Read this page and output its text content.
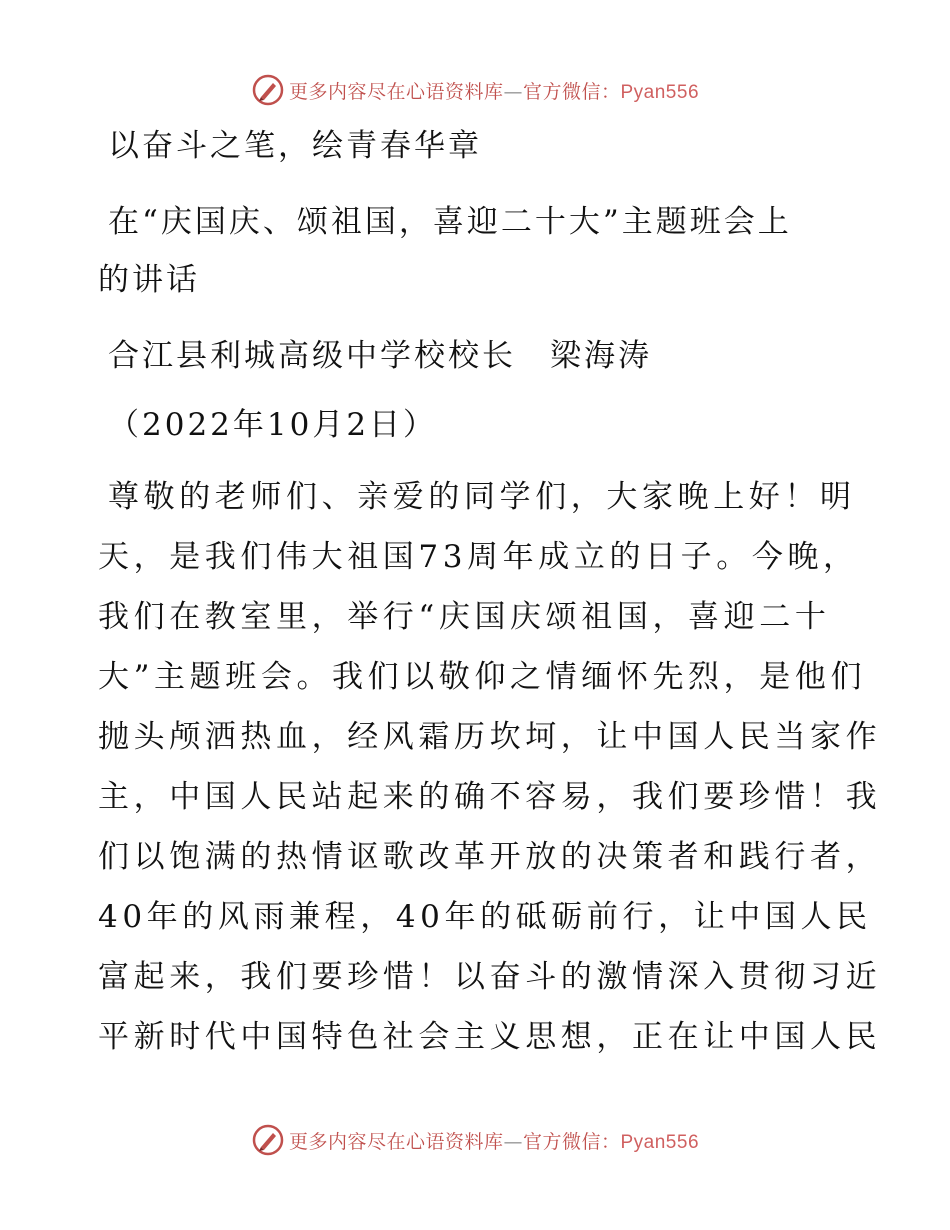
更多内容尽在心语资料库—官方微信：Pyan556
以奋斗之笔，绘青春华章
在“庆国庆、颂祖国，喜迎二十大”主题班会上
的讲话
合江县利城高级中学校校长　梁海涛
（2022年10月2日）
尊敬的老师们、亲爱的同学们，大家晚上好！明
天，是我们伟大祖国73周年成立的日子。今晚，
我们在教室里，举行“庆国庆颂祖国，喜迎二十
大”主题班会。我们以敬仰之情缅怀先烈，是他们
抛头颅洒热血，经风霜历坎坷，让中国人民当家作
主，中国人民站起来的确不容易，我们要珍惜！我
们以饱满的热情讴歌改革开放的决策者和践行者，
40年的风雨兼程，40年的砥砺前行，让中国人民
富起来，我们要珍惜！以奋斗的激情深入贯彻习近
平新时代中国特色社会主义思想，正在让中国人民
更多内容尽在心语资料库—官方微信：Pyan556
